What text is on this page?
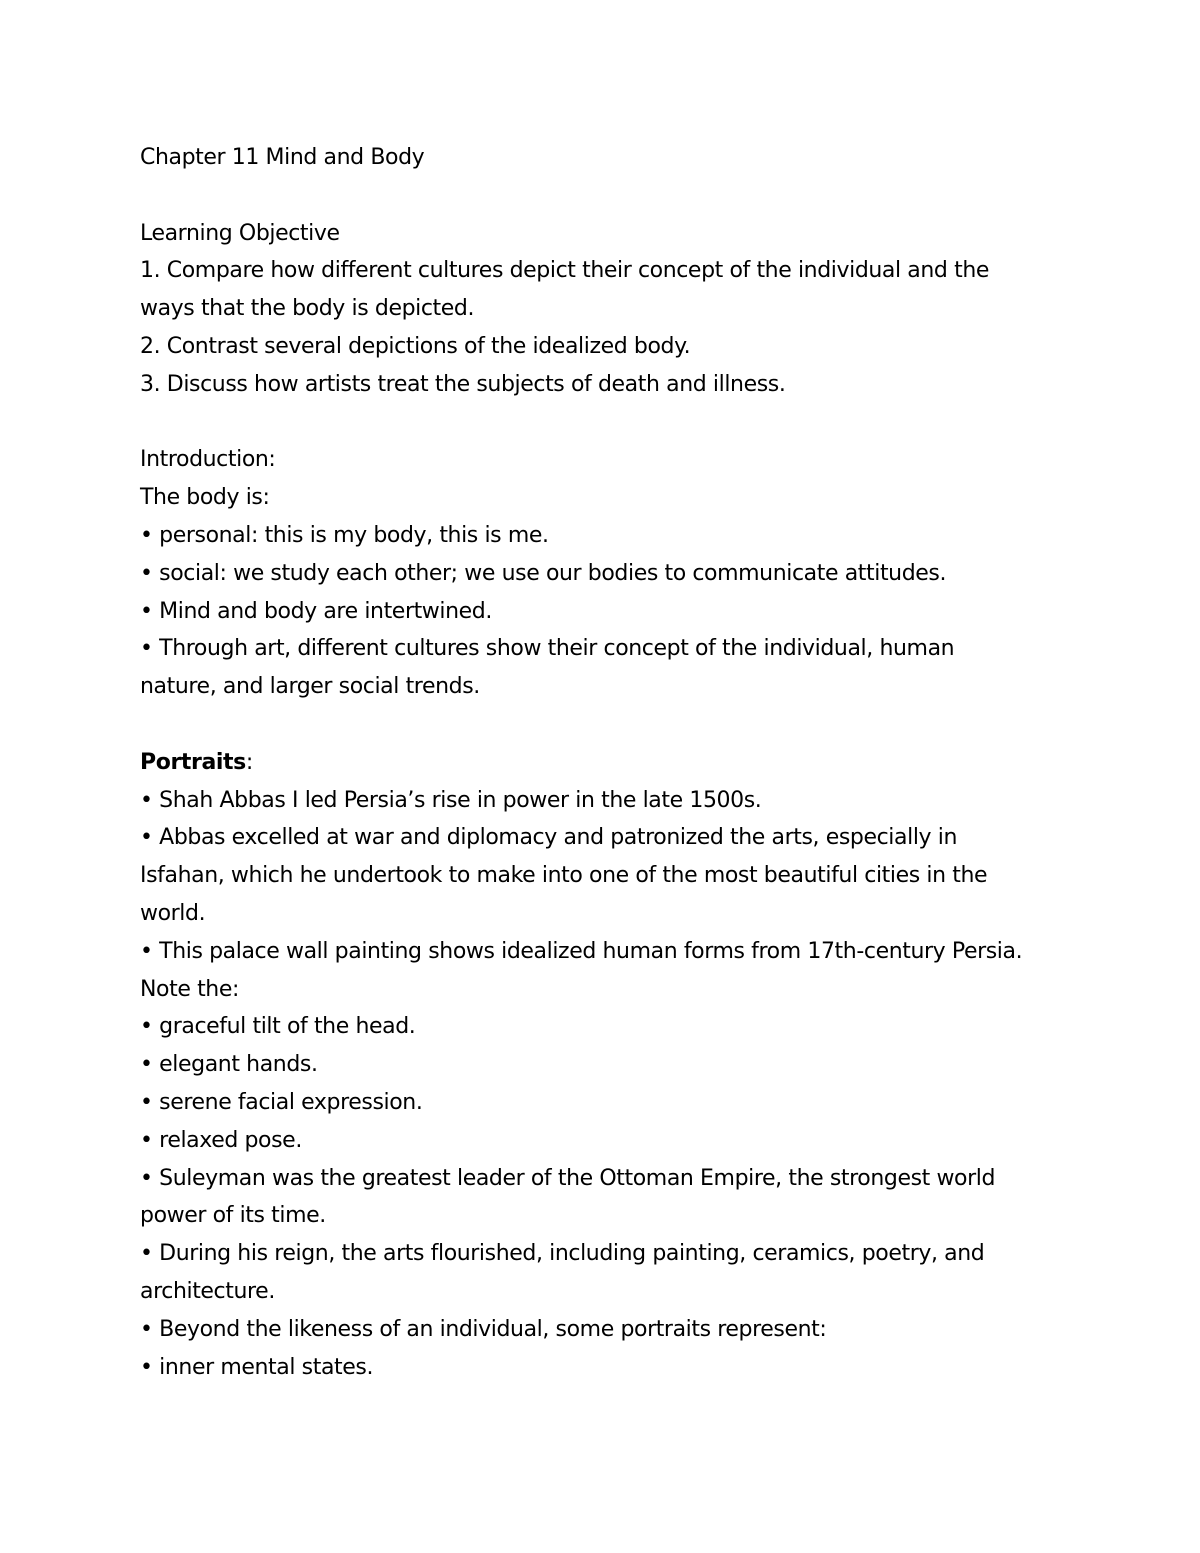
Chapter 11 Mind and Body
Learning Objective
1. Compare how different cultures depict their concept of the individual and the
ways that the body is depicted.
2. Contrast several depictions of the idealized body.
3. Discuss how artists treat the subjects of death and illness.
Introduction:
The body is:
• personal: this is my body, this is me.
• social: we study each other; we use our bodies to communicate attitudes.
• Mind and body are intertwined.
• Through art, different cultures show their concept of the individual, human
nature, and larger social trends.
Portraits:
• Shah Abbas I led Persia’s rise in power in the late 1500s.
• Abbas excelled at war and diplomacy and patronized the arts, especially in
Isfahan, which he undertook to make into one of the most beautiful cities in the
world.
• This palace wall painting shows idealized human forms from 17th-century Persia.
Note the:
• graceful tilt of the head.
• elegant hands.
• serene facial expression.
• relaxed pose.
• Suleyman was the greatest leader of the Ottoman Empire, the strongest world
power of its time.
• During his reign, the arts flourished, including painting, ceramics, poetry, and
architecture.
• Beyond the likeness of an individual, some portraits represent:
• inner mental states.
